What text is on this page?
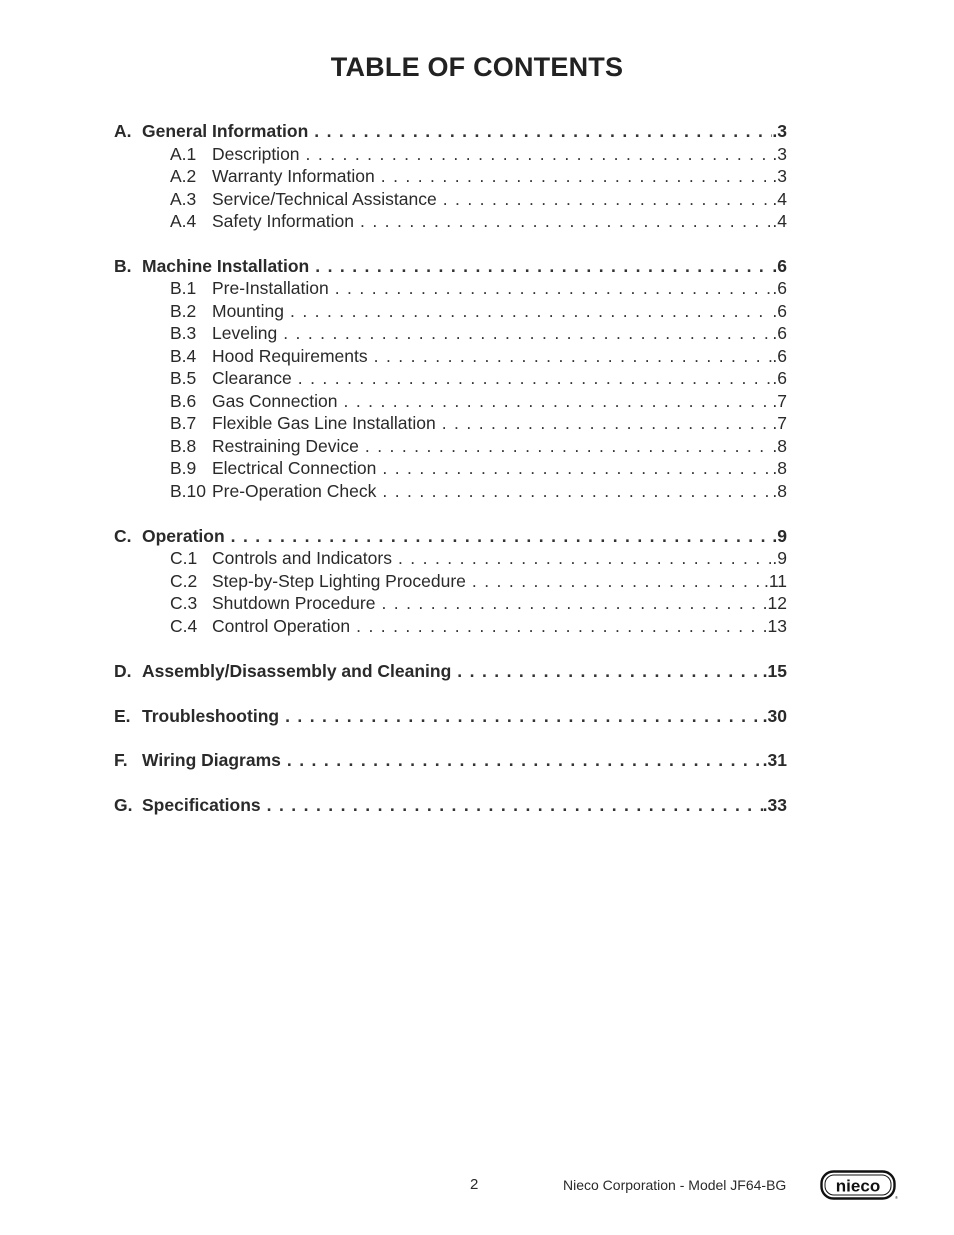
TABLE OF CONTENTS
A. General Information . . .	.3
A.1 Description . . .	.3
A.2 Warranty Information . . .	.3
A.3 Service/Technical Assistance . . .	.4
A.4 Safety Information . . .	.4
B. Machine Installation . . .	.6
B.1 Pre-Installation . . .	.6
B.2 Mounting . . .	.6
B.3 Leveling . . .	.6
B.4 Hood Requirements . . .	.6
B.5 Clearance . . .	.6
B.6 Gas Connection . . .	.7
B.7 Flexible Gas Line Installation . . .	.7
B.8 Restraining Device . . .	.8
B.9 Electrical Connection . . .	.8
B.10 Pre-Operation Check . . .	.8
C. Operation . . .	.9
C.1 Controls and Indicators . . .	.9
C.2 Step-by-Step Lighting Procedure . . .	.11
C.3 Shutdown Procedure . . .	.12
C.4 Control Operation . . .	.13
D. Assembly/Disassembly and Cleaning . . .	.15
E. Troubleshooting . . .	.30
F. Wiring Diagrams . . .	.31
G. Specifications . . .	.33
2	Nieco Corporation - Model JF64-BG	nieco
®
